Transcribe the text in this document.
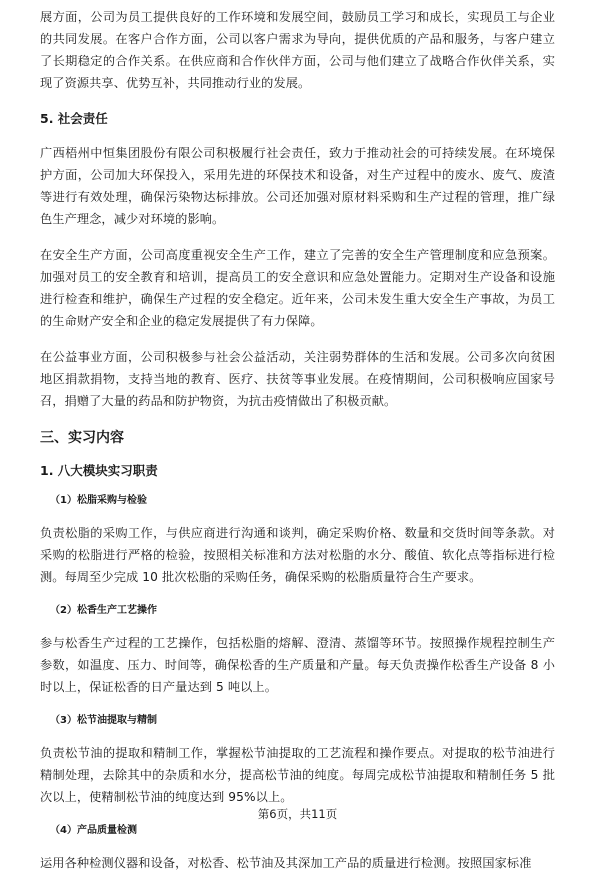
展方面，公司为员工提供良好的工作环境和发展空间，鼓励员工学习和成长，实现员工与企业的共同发展。在客户合作方面，公司以客户需求为导向，提供优质的产品和服务，与客户建立了长期稳定的合作关系。在供应商和合作伙伴方面，公司与他们建立了战略合作伙伴关系，实现了资源共享、优势互补，共同推动行业的发展。

5. 社会责任

广西梧州中恒集团股份有限公司积极履行社会责任，致力于推动社会的可持续发展。在环境保护方面，公司加大环保投入，采用先进的环保技术和设备，对生产过程中的废水、废气、废渣等进行有效处理，确保污染物达标排放。公司还加强对原材料采购和生产过程的管理，推广绿色生产理念，减少对环境的影响。

在安全生产方面，公司高度重视安全生产工作，建立了完善的安全生产管理制度和应急预案。加强对员工的安全教育和培训，提高员工的安全意识和应急处置能力。定期对生产设备和设施进行检查和维护，确保生产过程的安全稳定。近年来，公司未发生重大安全生产事故，为员工的生命财产安全和企业的稳定发展提供了有力保障。

在公益事业方面，公司积极参与社会公益活动，关注弱势群体的生活和发展。公司多次向贫困地区捐款捐物，支持当地的教育、医疗、扶贫等事业发展。在疫情期间，公司积极响应国家号召，捐赠了大量的药品和防护物资，为抗击疫情做出了积极贡献。

三、实习内容
1. 八大模块实习职责
（1）松脂采购与检验

负责松脂的采购工作，与供应商进行沟通和谈判，确定采购价格、数量和交货时间等条款。对采购的松脂进行严格的检验，按照相关标准和方法对松脂的水分、酸值、软化点等指标进行检测。每周至少完成 10 批次松脂的采购任务，确保采购的松脂质量符合生产要求。

（2）松香生产工艺操作

参与松香生产过程的工艺操作，包括松脂的熔解、澄清、蒸馏等环节。按照操作规程控制生产参数，如温度、压力、时间等，确保松香的生产质量和产量。每天负责操作松香生产设备 8 小时以上，保证松香的日产量达到 5 吨以上。

（3）松节油提取与精制

负责松节油的提取和精制工作，掌握松节油提取的工艺流程和操作要点。对提取的松节油进行精制处理，去除其中的杂质和水分，提高松节油的纯度。每周完成松节油提取和精制任务 5 批次以上，使精制松节油的纯度达到 95%以上。

（4）产品质量检测

运用各种检测仪器和设备，对松香、松节油及其深加工产品的质量进行检测。按照国家标准

第6页，共11页
